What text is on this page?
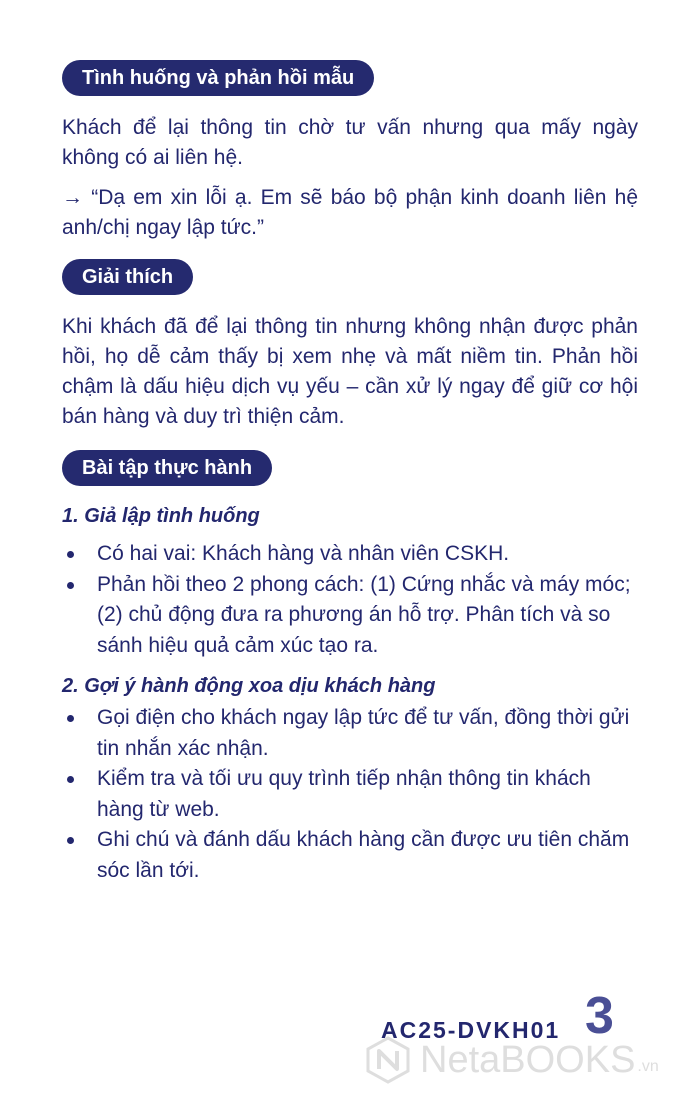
Tình huống và phản hồi mẫu

Khách để lại thông tin chờ tư vấn nhưng qua mấy ngày không có ai liên hệ.

→ “Dạ em xin lỗi ạ. Em sẽ báo bộ phận kinh doanh liên hệ anh/chị ngay lập tức.”

Giải thích

Khi khách đã để lại thông tin nhưng không nhận được phản hồi, họ dễ cảm thấy bị xem nhẹ và mất niềm tin. Phản hồi chậm là dấu hiệu dịch vụ yếu – cần xử lý ngay để giữ cơ hội bán hàng và duy trì thiện cảm.

Bài tập thực hành
1. Giả lập tình huống
Có hai vai: Khách hàng và nhân viên CSKH.
Phản hồi theo 2 phong cách: (1) Cứng nhắc và máy móc; (2) chủ động đưa ra phương án hỗ trợ. Phân tích và so sánh hiệu quả cảm xúc tạo ra.
2. Gợi ý hành động xoa dịu khách hàng
Gọi điện cho khách ngay lập tức để tư vấn, đồng thời gửi tin nhắn xác nhận.
Kiểm tra và tối ưu quy trình tiếp nhận thông tin khách hàng từ web.
Ghi chú và đánh dấu khách hàng cần được ưu tiên chăm sóc lần tới.
AC25-DVKH01 3
NetaBOOKS .vn
